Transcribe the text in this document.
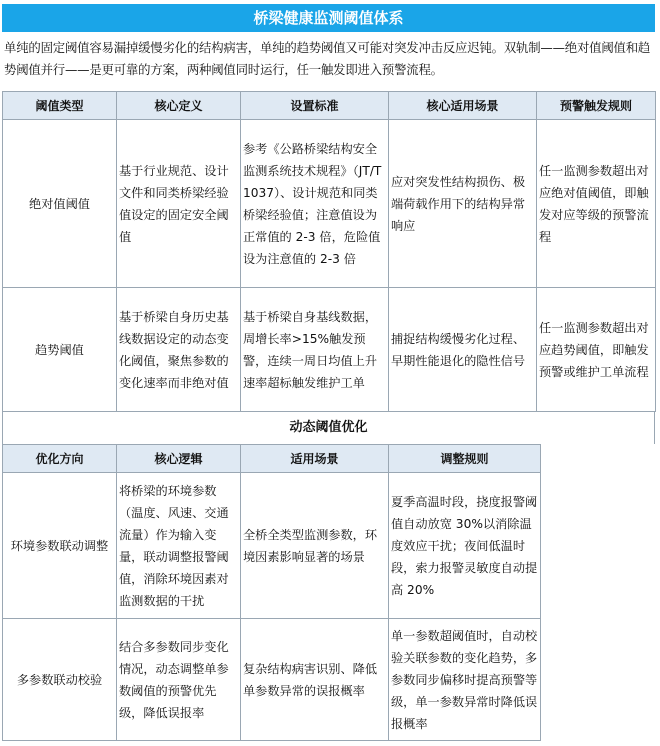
桥梁健康监测阈值体系
单纯的固定阈值容易漏掉缓慢劣化的结构病害，单纯的趋势阈值又可能对突发冲击反应迟钝。双轨制——绝对值阈值和趋势阈值并行——是更可靠的方案，两种阈值同时运行，任一触发即进入预警流程。
阈值类型	核心定义	设置标准	核心适用场景	预警触发规则
绝对值阈值	基于行业规范、设计文件和同类桥梁经验值设定的固定安全阈值	参考《公路桥梁结构安全监测系统技术规程》（JT/T 1037）、设计规范和同类桥梁经验值；注意值设为正常值的 2-3 倍，危险值设为注意值的 2-3 倍	应对突发性结构损伤、极端荷载作用下的结构异常响应	任一监测参数超出对应绝对值阈值，即触发对应等级的预警流程
趋势阈值	基于桥梁自身历史基线数据设定的动态变化阈值，聚焦参数的变化速率而非绝对值	基于桥梁自身基线数据，周增长率>15%触发预警，连续一周日均值上升速率超标触发维护工单	捕捉结构缓慢劣化过程、早期性能退化的隐性信号	任一监测参数超出对应趋势阈值，即触发预警或维护工单流程
动态阈值优化
优化方向	核心逻辑	适用场景	调整规则
环境参数联动调整	将桥梁的环境参数（温度、风速、交通流量）作为输入变量，联动调整报警阈值，消除环境因素对监测数据的干扰	全桥全类型监测参数，环境因素影响显著的场景	夏季高温时段，挠度报警阈值自动放宽 30%以消除温度效应干扰；夜间低温时段，索力报警灵敏度自动提高 20%
多参数联动校验	结合多参数同步变化情况，动态调整单参数阈值的预警优先级，降低误报率	复杂结构病害识别、降低单参数异常的误报概率	单一参数超阈值时，自动校验关联参数的变化趋势，多参数同步偏移时提高预警等级，单一参数异常时降低误报概率
